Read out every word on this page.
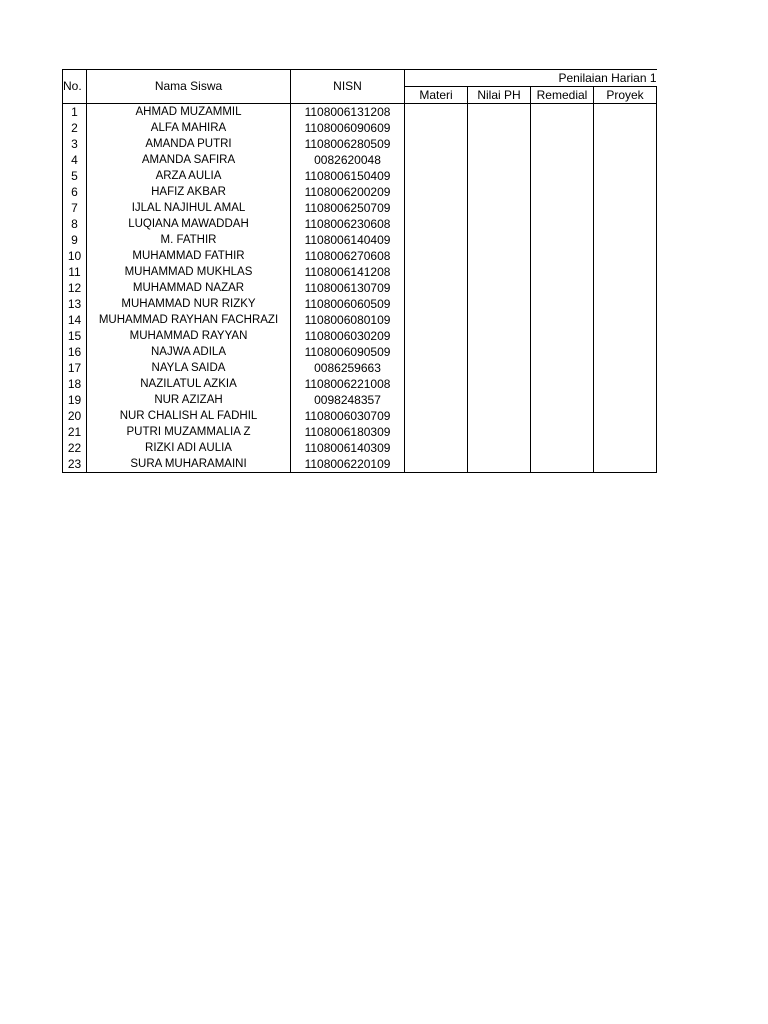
No.	Nama Siswa	NISN	Penilaian Harian 1			
			Materi	Nilai PH	Remedial	Proyek
1	AHMAD MUZAMMIL	1108006131208				
2	ALFA MAHIRA	1108006090609				
3	AMANDA PUTRI	1108006280509				
4	AMANDA SAFIRA	0082620048				
5	ARZA AULIA	1108006150409				
6	HAFIZ AKBAR	1108006200209				
7	IJLAL NAJIHUL AMAL	1108006250709				
8	LUQIANA MAWADDAH	1108006230608				
9	M. FATHIR	1108006140409				
10	MUHAMMAD FATHIR	1108006270608				
11	MUHAMMAD MUKHLAS	1108006141208				
12	MUHAMMAD NAZAR	1108006130709				
13	MUHAMMAD NUR RIZKY	1108006060509				
14	MUHAMMAD RAYHAN FACHRAZI	1108006080109				
15	MUHAMMAD RAYYAN	1108006030209				
16	NAJWA ADILA	1108006090509				
17	NAYLA SAIDA	0086259663				
18	NAZILATUL AZKIA	1108006221008				
19	NUR AZIZAH	0098248357				
20	NUR CHALISH AL FADHIL	1108006030709				
21	PUTRI MUZAMMALIA Z	1108006180309				
22	RIZKI ADI AULIA	1108006140309				
23	SURA MUHARAMAINI	1108006220109				
